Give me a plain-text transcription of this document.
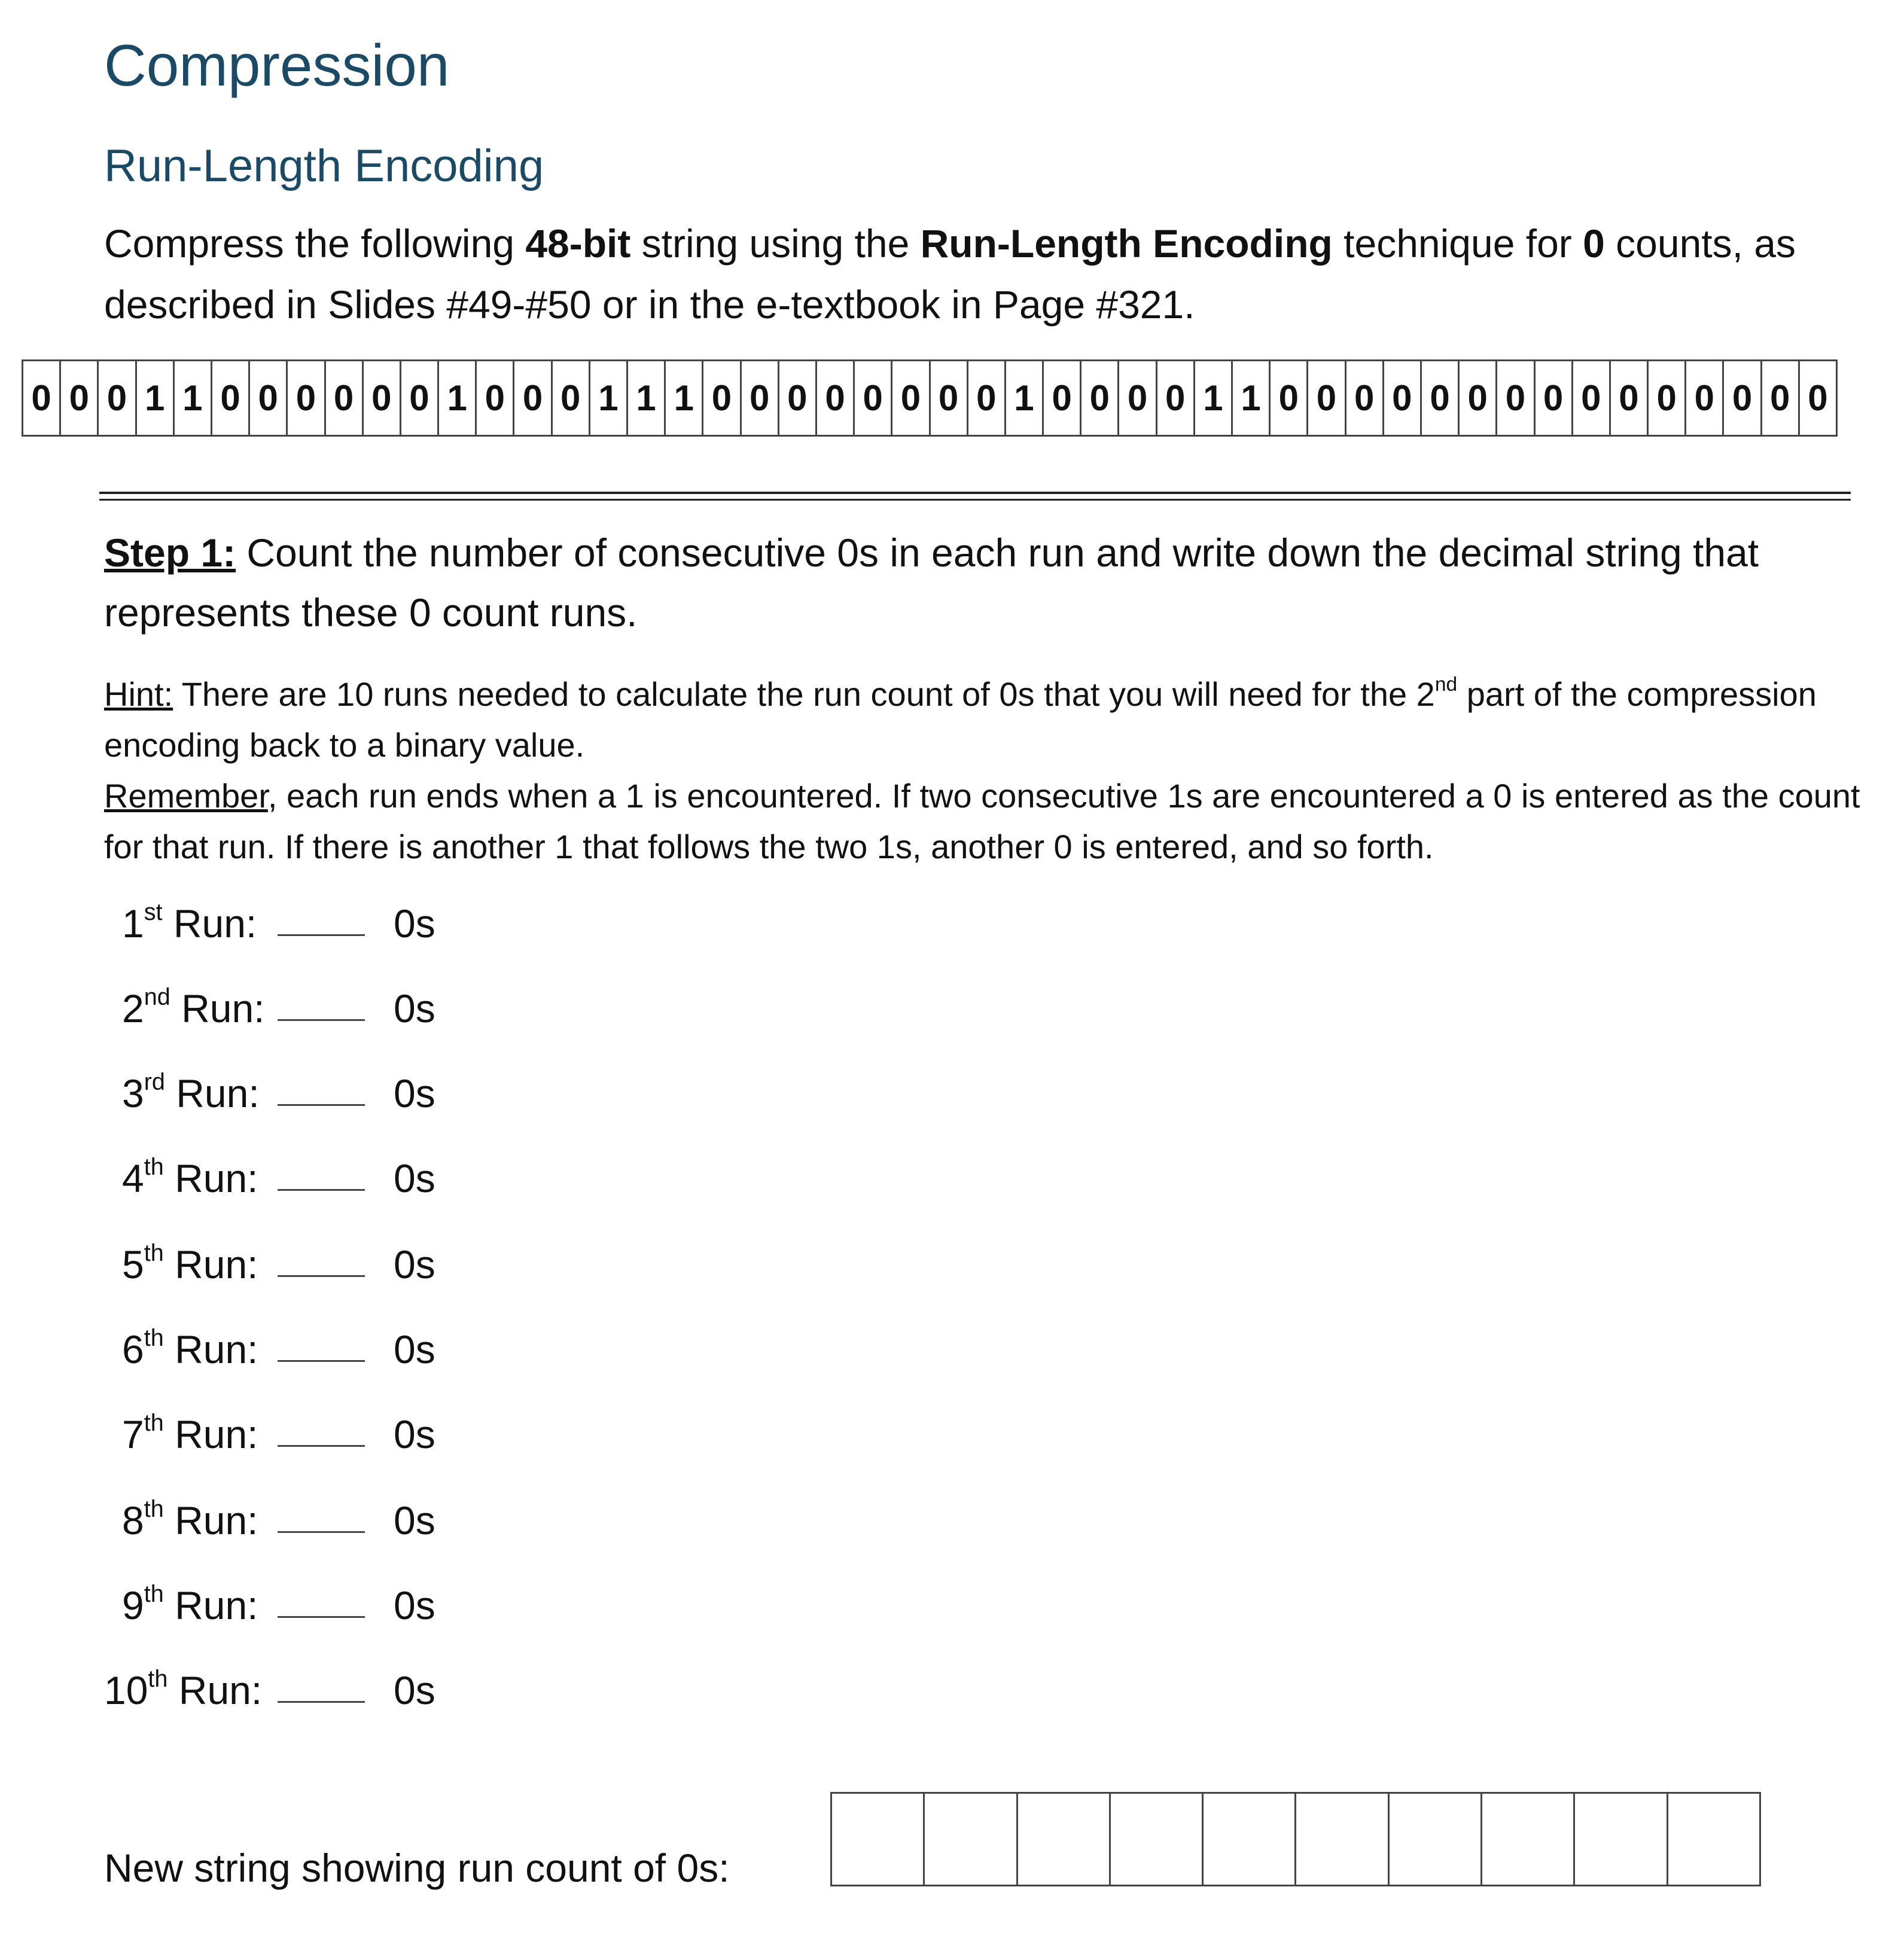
Compression
Run-Length Encoding

Compress the following 48-bit string using the Run-Length Encoding technique for 0 counts, as described in Slides #49-#50 or in the e-textbook in Page #321.

0 0 0 1 1 0 0 0 0 0 0 1 0 0 0 1 1 1 0 0 0 0 0 0 0 0 1 0 0 0 0 1 1 0 0 0 0 0 0 0 0 0 0 0 0 0 0 0

Step 1: Count the number of consecutive 0s in each run and write down the decimal string that represents these 0 count runs.

Hint: There are 10 runs needed to calculate the run count of 0s that you will need for the 2nd part of the compression encoding back to a binary value.
Remember, each run ends when a 1 is encountered. If two consecutive 1s are encountered a 0 is entered as the count for that run. If there is another 1 that follows the two 1s, another 0 is entered, and so forth.

1st Run:	0s
2nd Run:	0s
3rd Run:	0s
4th Run:	0s
5th Run:	0s
6th Run:	0s
7th Run:	0s
8th Run:	0s
9th Run:	0s
10th Run:	0s
New string showing run count of 0s:
